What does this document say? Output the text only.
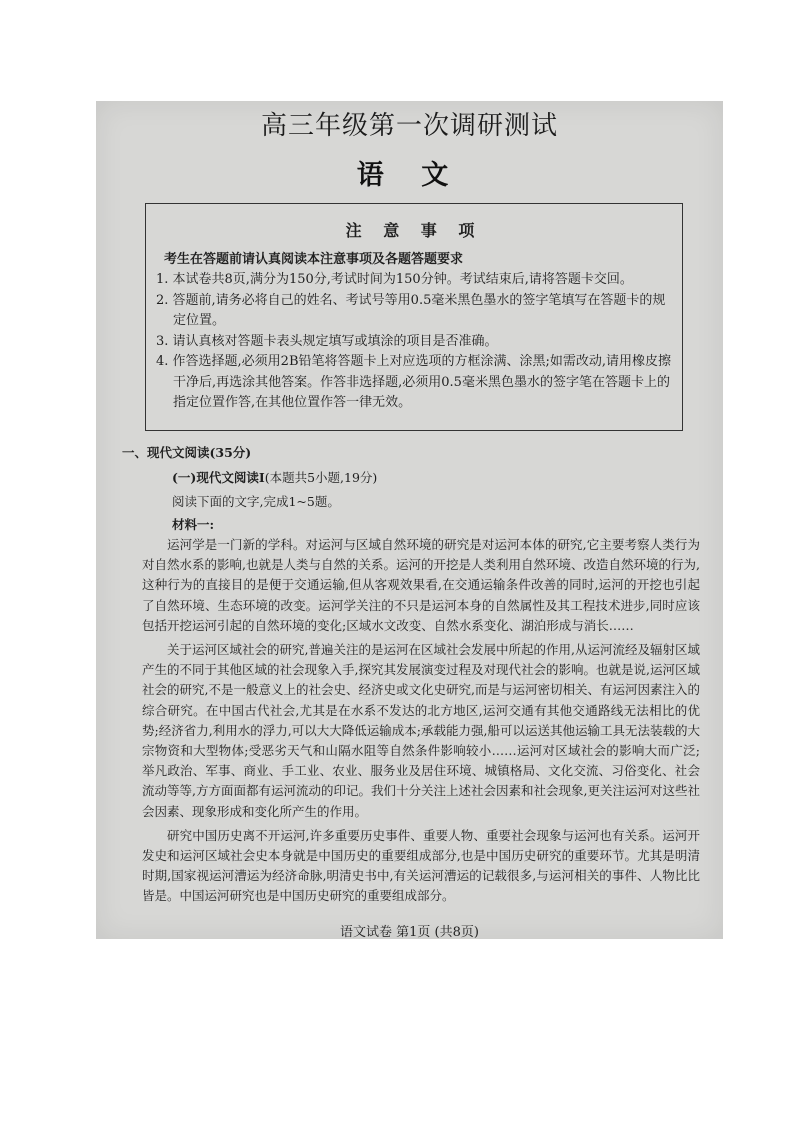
高三年级第一次调研测试
语 文
注 意 事 项
考生在答题前请认真阅读本注意事项及各题答题要求

1. 本试卷共8页,满分为150分,考试时间为150分钟。考试结束后,请将答题卡交回。

2. 答题前,请务必将自己的姓名、考试号等用0.5毫米黑色墨水的签字笔填写在答题卡的规定位置。

3. 请认真核对答题卡表头规定填写或填涂的项目是否准确。

4. 作答选择题,必须用2B铅笔将答题卡上对应选项的方框涂满、涂黑;如需改动,请用橡皮擦干净后,再选涂其他答案。作答非选择题,必须用0.5毫米黑色墨水的签字笔在答题卡上的指定位置作答,在其他位置作答一律无效。

一、现代文阅读(35分)
(一)现代文阅读Ⅰ(本题共5小题,19分)
阅读下面的文字,完成1~5题。
材料一:

运河学是一门新的学科。对运河与区域自然环境的研究是对运河本体的研究,它主要考察人类行为对自然水系的影响,也就是人类与自然的关系。运河的开挖是人类利用自然环境、改造自然环境的行为,这种行为的直接目的是便于交通运输,但从客观效果看,在交通运输条件改善的同时,运河的开挖也引起了自然环境、生态环境的改变。运河学关注的不只是运河本身的自然属性及其工程技术进步,同时应该包括开挖运河引起的自然环境的变化;区域水文改变、自然水系变化、湖泊形成与消长……

关于运河区域社会的研究,普遍关注的是运河在区域社会发展中所起的作用,从运河流经及辐射区域产生的不同于其他区域的社会现象入手,探究其发展演变过程及对现代社会的影响。也就是说,运河区域社会的研究,不是一般意义上的社会史、经济史或文化史研究,而是与运河密切相关、有运河因素注入的综合研究。在中国古代社会,尤其是在水系不发达的北方地区,运河交通有其他交通路线无法相比的优势;经济省力,利用水的浮力,可以大大降低运输成本;承载能力强,船可以运送其他运输工具无法装载的大宗物资和大型物体;受恶劣天气和山隔水阻等自然条件影响较小……运河对区域社会的影响大而广泛;举凡政治、军事、商业、手工业、农业、服务业及居住环境、城镇格局、文化交流、习俗变化、社会流动等等,方方面面都有运河流动的印记。我们十分关注上述社会因素和社会现象,更关注运河对这些社会因素、现象形成和变化所产生的作用。

研究中国历史离不开运河,许多重要历史事件、重要人物、重要社会现象与运河也有关系。运河开发史和运河区域社会史本身就是中国历史的重要组成部分,也是中国历史研究的重要环节。尤其是明清时期,国家视运河漕运为经济命脉,明清史书中,有关运河漕运的记载很多,与运河相关的事件、人物比比皆是。中国运河研究也是中国历史研究的重要组成部分。

语文试卷 第1页 (共8页)
